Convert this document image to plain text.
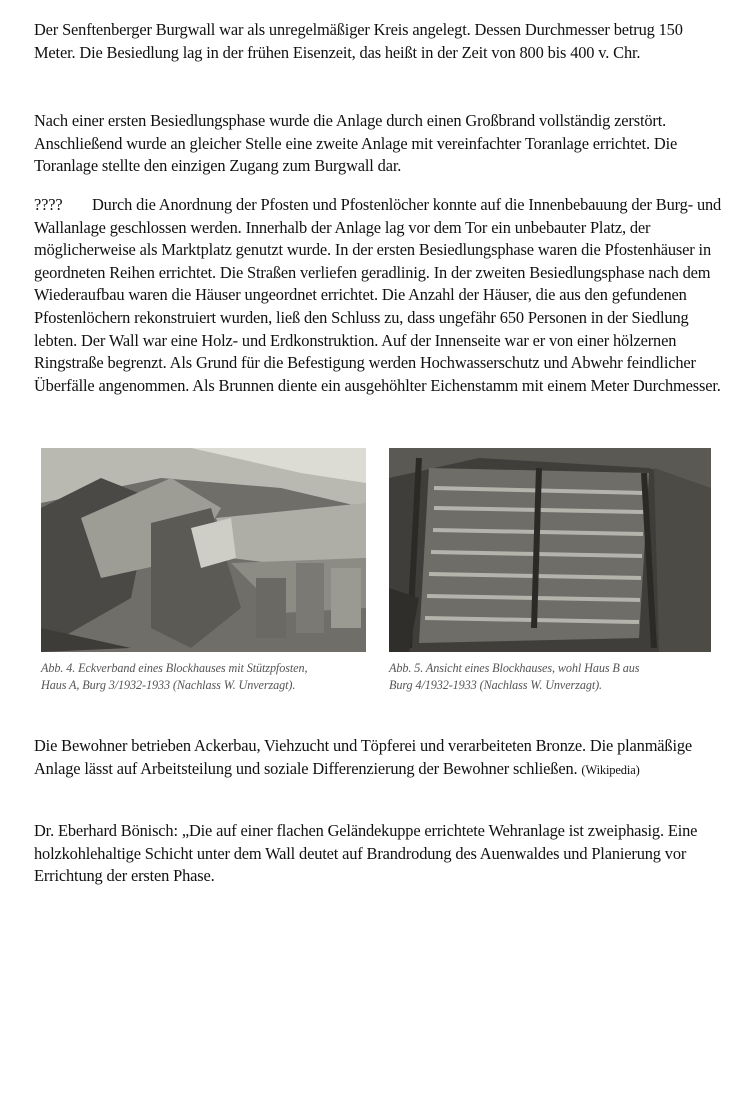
Der Senftenberger Burgwall war als unregelmäßiger Kreis angelegt. Dessen Durchmesser betrug 150 Meter. Die Besiedlung lag in der frühen Eisenzeit, das heißt in der Zeit von 800 bis 400 v. Chr.

Nach einer ersten Besiedlungsphase wurde die Anlage durch einen Großbrand vollständig zerstört. Anschließend wurde an gleicher Stelle eine zweite Anlage mit vereinfachter Toranlage errichtet. Die Toranlage stellte den einzigen Zugang zum Burgwall dar.

???? Durch die Anordnung der Pfosten und Pfostenlöcher konnte auf die Innenbebauung der Burg- und Wallanlage geschlossen werden. Innerhalb der Anlage lag vor dem Tor ein unbebauter Platz, der möglicherweise als Marktplatz genutzt wurde. In der ersten Besiedlungsphase waren die Pfostenhäuser in geordneten Reihen errichtet. Die Straßen verliefen geradlinig. In der zweiten Besiedlungsphase nach dem Wiederaufbau waren die Häuser ungeordnet errichtet. Die Anzahl der Häuser, die aus den gefundenen Pfostenlöchern rekonstruiert wurden, ließ den Schluss zu, dass ungefähr 650 Personen in der Siedlung lebten. Der Wall war eine Holz- und Erdkonstruktion. Auf der Innenseite war er von einer hölzernen Ringstraße begrenzt. Als Grund für die Befestigung werden Hochwasserschutz und Abwehr feindlicher Überfälle angenommen. Als Brunnen diente ein ausgehöhlter Eichenstamm mit einem Meter Durchmesser.

Abb. 4. Eckverband eines Blockhauses mit Stützpfosten,
Haus A, Burg 3/1932-1933 (Nachlass W. Unverzagt).
Abb. 5. Ansicht eines Blockhauses, wohl Haus B aus
Burg 4/1932-1933 (Nachlass W. Unverzagt).

Die Bewohner betrieben Ackerbau, Viehzucht und Töpferei und verarbeiteten Bronze. Die planmäßige Anlage lässt auf Arbeitsteilung und soziale Differenzierung der Bewohner schließen. (Wikipedia)

Dr. Eberhard Bönisch: „Die auf einer flachen Geländekuppe errichtete Wehranlage ist zweiphasig. Eine holzkohlehaltige Schicht unter dem Wall deutet auf Brandrodung des Auenwaldes und Planierung vor Errichtung der ersten Phase.
